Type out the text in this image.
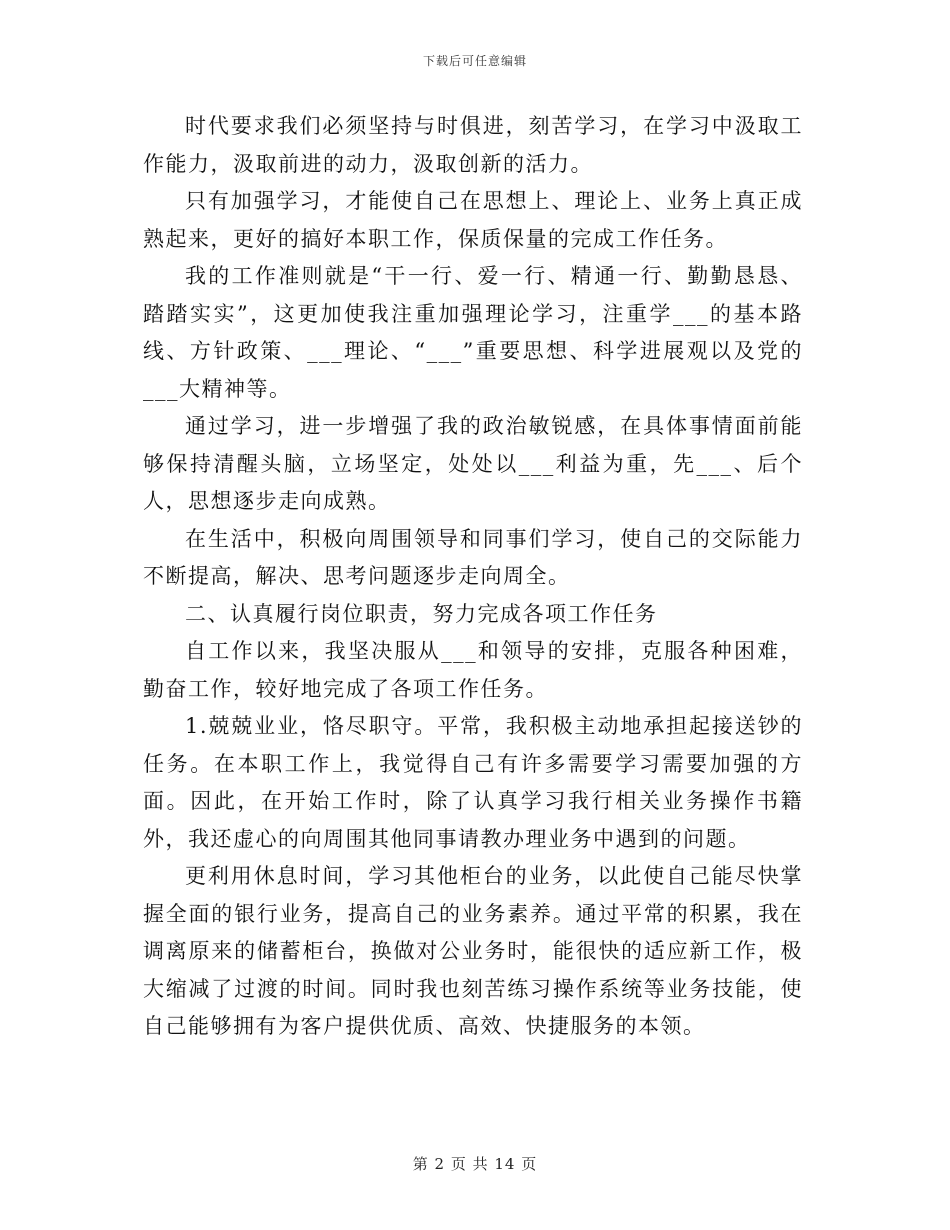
下载后可任意编辑

时代要求我们必须坚持与时俱进，刻苦学习，在学习中汲取工作能力，汲取前进的动力，汲取创新的活力。

只有加强学习，才能使自己在思想上、理论上、业务上真正成熟起来，更好的搞好本职工作，保质保量的完成工作任务。

我的工作准则就是“干一行、爱一行、精通一行、勤勤恳恳、踏踏实实”，这更加使我注重加强理论学习，注重学___的基本路线、方针政策、___理论、“___”重要思想、科学进展观以及党的___大精神等。

通过学习，进一步增强了我的政治敏锐感，在具体事情面前能够保持清醒头脑，立场坚定，处处以___利益为重，先___、后个人，思想逐步走向成熟。

在生活中，积极向周围领导和同事们学习，使自己的交际能力不断提高，解决、思考问题逐步走向周全。

二、认真履行岗位职责，努力完成各项工作任务

自工作以来，我坚决服从___和领导的安排，克服各种困难，勤奋工作，较好地完成了各项工作任务。

1.兢兢业业，恪尽职守。平常，我积极主动地承担起接送钞的任务。在本职工作上，我觉得自己有许多需要学习需要加强的方面。因此，在开始工作时，除了认真学习我行相关业务操作书籍外，我还虚心的向周围其他同事请教办理业务中遇到的问题。

更利用休息时间，学习其他柜台的业务，以此使自己能尽快掌握全面的银行业务，提高自己的业务素养。通过平常的积累，我在调离原来的储蓄柜台，换做对公业务时，能很快的适应新工作，极大缩减了过渡的时间。同时我也刻苦练习操作系统等业务技能，使自己能够拥有为客户提供优质、高效、快捷服务的本领。

第 2 页 共 14 页
